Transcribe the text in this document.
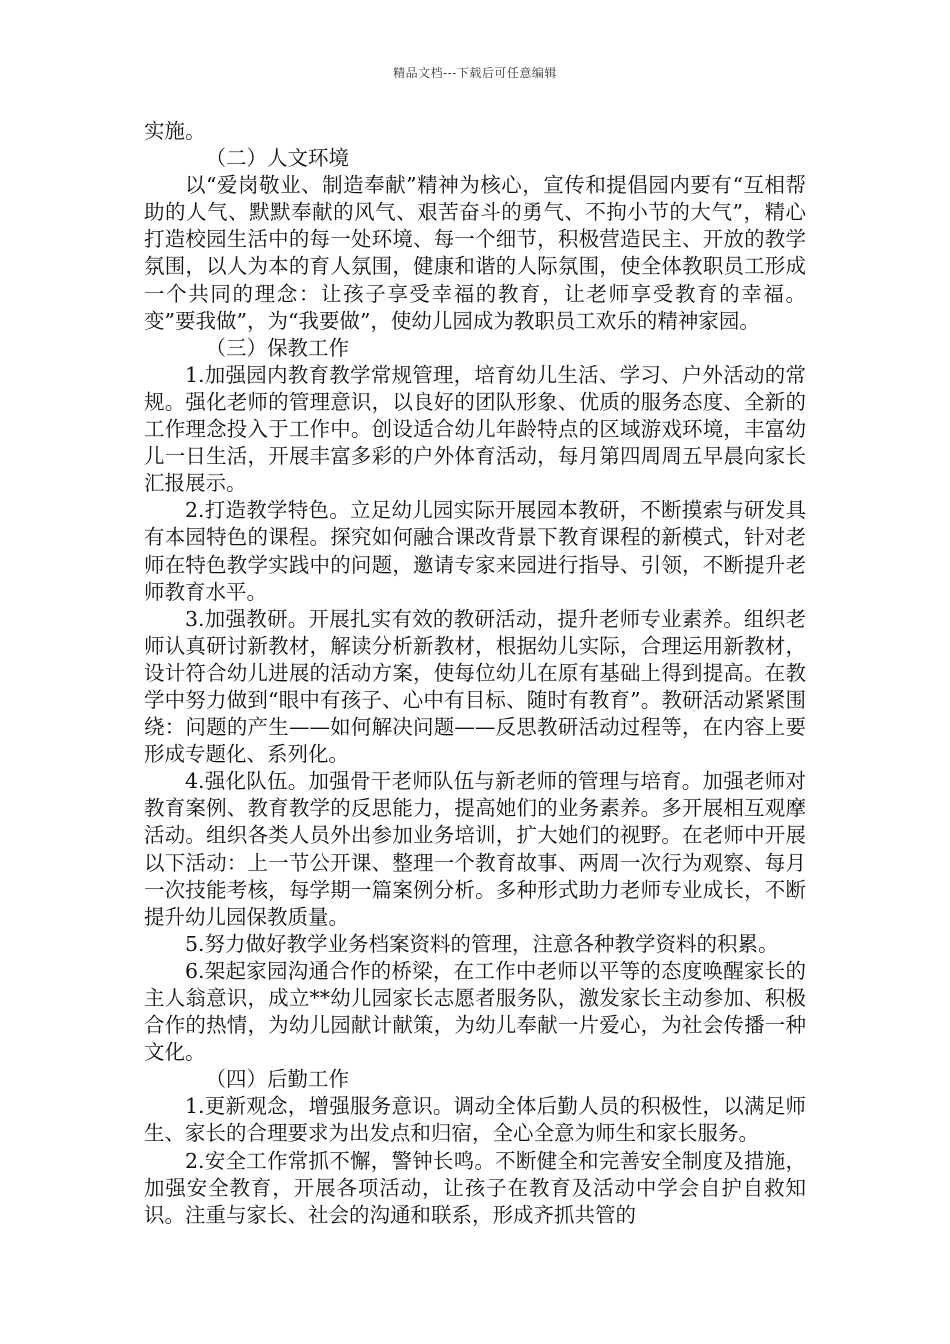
精品文档---下载后可任意编辑

实施。

（二）人文环境

以“爱岗敬业、制造奉献”精神为核心，宣传和提倡园内要有“互相帮助的人气、默默奉献的风气、艰苦奋斗的勇气、不拘小节的大气”，精心打造校园生活中的每一处环境、每一个细节，积极营造民主、开放的教学氛围，以人为本的育人氛围，健康和谐的人际氛围，使全体教职员工形成一个共同的理念：让孩子享受幸福的教育，让老师享受教育的幸福。变”要我做”，为“我要做”，使幼儿园成为教职员工欢乐的精神家园。

（三）保教工作

1.加强园内教育教学常规管理，培育幼儿生活、学习、户外活动的常规。强化老师的管理意识，以良好的团队形象、优质的服务态度、全新的工作理念投入于工作中。创设适合幼儿年龄特点的区域游戏环境，丰富幼儿一日生活，开展丰富多彩的户外体育活动，每月第四周周五早晨向家长汇报展示。

2.打造教学特色。立足幼儿园实际开展园本教研，不断摸索与研发具有本园特色的课程。探究如何融合课改背景下教育课程的新模式，针对老师在特色教学实践中的问题，邀请专家来园进行指导、引领，不断提升老师教育水平。

3.加强教研。开展扎实有效的教研活动，提升老师专业素养。组织老师认真研讨新教材，解读分析新教材，根据幼儿实际，合理运用新教材，设计符合幼儿进展的活动方案，使每位幼儿在原有基础上得到提高。在教学中努力做到“眼中有孩子、心中有目标、随时有教育”。教研活动紧紧围绕：问题的产生——如何解决问题——反思教研活动过程等，在内容上要形成专题化、系列化。

4.强化队伍。加强骨干老师队伍与新老师的管理与培育。加强老师对教育案例、教育教学的反思能力，提高她们的业务素养。多开展相互观摩活动。组织各类人员外出参加业务培训，扩大她们的视野。在老师中开展以下活动：上一节公开课、整理一个教育故事、两周一次行为观察、每月一次技能考核，每学期一篇案例分析。多种形式助力老师专业成长，不断提升幼儿园保教质量。

5.努力做好教学业务档案资料的管理，注意各种教学资料的积累。

6.架起家园沟通合作的桥梁，在工作中老师以平等的态度唤醒家长的主人翁意识，成立**幼儿园家长志愿者服务队，激发家长主动参加、积极合作的热情，为幼儿园献计献策，为幼儿奉献一片爱心，为社会传播一种文化。

（四）后勤工作

1.更新观念，增强服务意识。调动全体后勤人员的积极性，以满足师生、家长的合理要求为出发点和归宿，全心全意为师生和家长服务。

2.安全工作常抓不懈，警钟长鸣。不断健全和完善安全制度及措施，加强安全教育，开展各项活动，让孩子在教育及活动中学会自护自救知识。注重与家长、社会的沟通和联系，形成齐抓共管的
